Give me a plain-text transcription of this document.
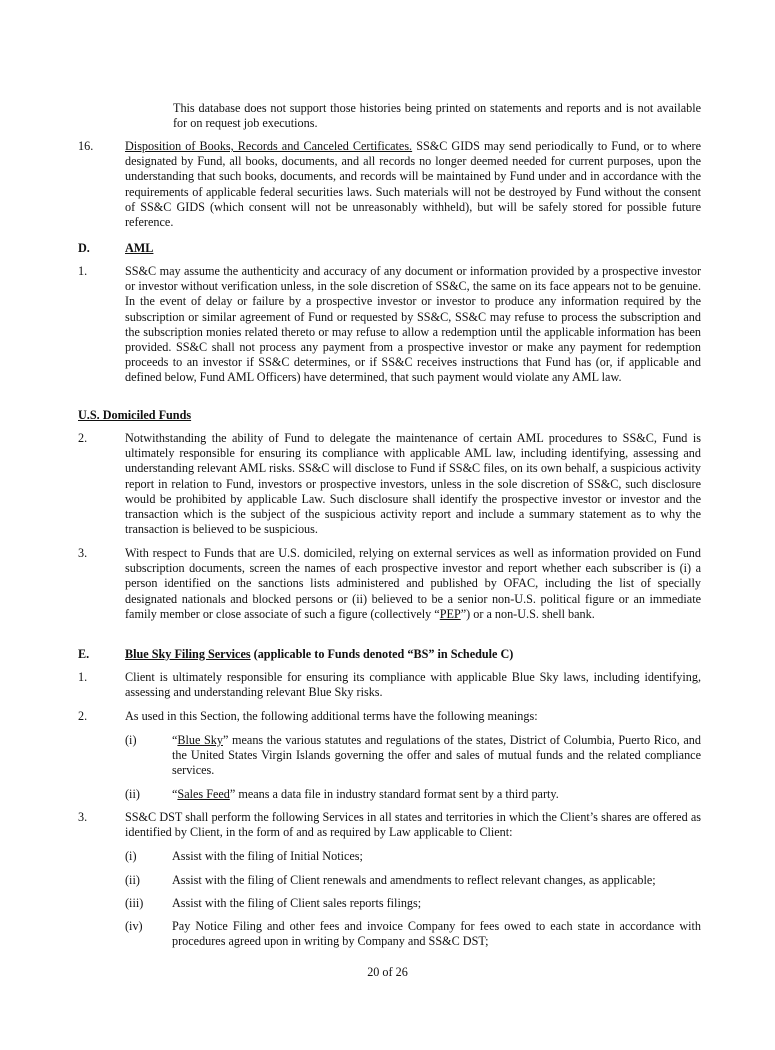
This database does not support those histories being printed on statements and reports and is not available for on request job executions.
16.	Disposition of Books, Records and Canceled Certificates. SS&C GIDS may send periodically to Fund, or to where designated by Fund, all books, documents, and all records no longer deemed needed for current purposes, upon the understanding that such books, documents, and records will be maintained by Fund under and in accordance with the requirements of applicable federal securities laws. Such materials will not be destroyed by Fund without the consent of SS&C GIDS (which consent will not be unreasonably withheld), but will be safely stored for possible future reference.
D.	AML
1.	SS&C may assume the authenticity and accuracy of any document or information provided by a prospective investor or investor without verification unless, in the sole discretion of SS&C, the same on its face appears not to be genuine. In the event of delay or failure by a prospective investor or investor to produce any information required by the subscription or similar agreement of Fund or requested by SS&C, SS&C may refuse to process the subscription and the subscription monies related thereto or may refuse to allow a redemption until the applicable information has been provided. SS&C shall not process any payment from a prospective investor or make any payment for redemption proceeds to an investor if SS&C determines, or if SS&C receives instructions that Fund has (or, if applicable and defined below, Fund AML Officers) have determined, that such payment would violate any AML law.
U.S. Domiciled Funds
2.	Notwithstanding the ability of Fund to delegate the maintenance of certain AML procedures to SS&C, Fund is ultimately responsible for ensuring its compliance with applicable AML law, including identifying, assessing and understanding relevant AML risks. SS&C will disclose to Fund if SS&C files, on its own behalf, a suspicious activity report in relation to Fund, investors or prospective investors, unless in the sole discretion of SS&C, such disclosure would be prohibited by applicable Law. Such disclosure shall identify the prospective investor or investor and the transaction which is the subject of the suspicious activity report and include a summary statement as to why the transaction is believed to be suspicious.
3.	With respect to Funds that are U.S. domiciled, relying on external services as well as information provided on Fund subscription documents, screen the names of each prospective investor and report whether each subscriber is (i) a person identified on the sanctions lists administered and published by OFAC, including the list of specially designated nationals and blocked persons or (ii) believed to be a senior non-U.S. political figure or an immediate family member or close associate of such a figure (collectively “PEP”) or a non-U.S. shell bank.
E.	Blue Sky Filing Services (applicable to Funds denoted “BS” in Schedule C)
1.	Client is ultimately responsible for ensuring its compliance with applicable Blue Sky laws, including identifying, assessing and understanding relevant Blue Sky risks.
2.	As used in this Section, the following additional terms have the following meanings:
(i)	“Blue Sky” means the various statutes and regulations of the states, District of Columbia, Puerto Rico, and the United States Virgin Islands governing the offer and sales of mutual funds and the related compliance services.
(ii)	“Sales Feed” means a data file in industry standard format sent by a third party.
3.	SS&C DST shall perform the following Services in all states and territories in which the Client’s shares are offered as identified by Client, in the form of and as required by Law applicable to Client:
(i)	Assist with the filing of Initial Notices;
(ii)	Assist with the filing of Client renewals and amendments to reflect relevant changes, as applicable;
(iii) Assist with the filing of Client sales reports filings;
(iv) Pay Notice Filing and other fees and invoice Company for fees owed to each state in accordance with procedures agreed upon in writing by Company and SS&C DST;
20 of 26
